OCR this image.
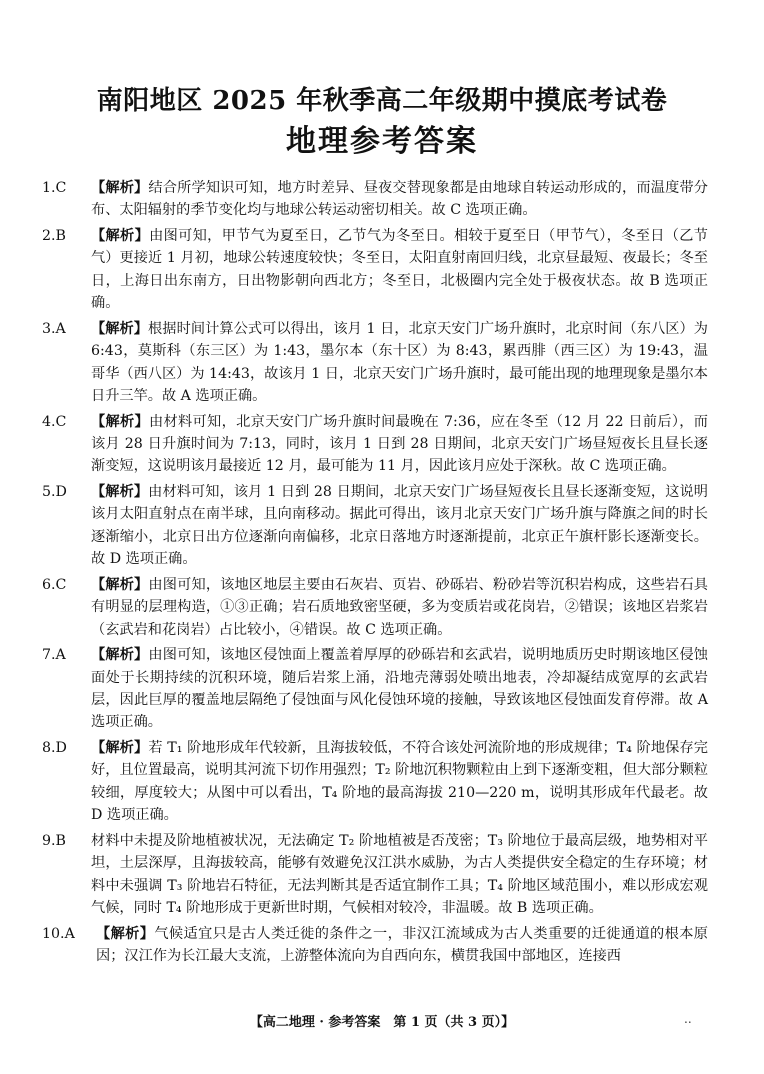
南阳地区 2025 年秋季高二年级期中摸底考试卷
地理参考答案
1.C	【解析】结合所学知识可知，地方时差异、昼夜交替现象都是由地球自转运动形成的，而温度带分布、太阳辐射的季节变化均与地球公转运动密切相关。故 C 选项正确。
2.B	【解析】由图可知，甲节气为夏至日，乙节气为冬至日。相较于夏至日（甲节气），冬至日（乙节气）更接近 1 月初，地球公转速度较快；冬至日，太阳直射南回归线，北京昼最短、夜最长；冬至日，上海日出东南方，日出物影朝向西北方；冬至日，北极圈内完全处于极夜状态。故 B 选项正确。
3.A	【解析】根据时间计算公式可以得出，该月 1 日，北京天安门广场升旗时，北京时间（东八区）为 6:43，莫斯科（东三区）为 1:43，墨尔本（东十区）为 8:43，累西腓（西三区）为 19:43，温哥华（西八区）为 14:43，故该月 1 日，北京天安门广场升旗时，最可能出现的地理现象是墨尔本日升三竿。故 A 选项正确。
4.C	【解析】由材料可知，北京天安门广场升旗时间最晚在 7:36，应在冬至（12 月 22 日前后），而该月 28 日升旗时间为 7:13，同时，该月 1 日到 28 日期间，北京天安门广场昼短夜长且昼长逐渐变短，这说明该月最接近 12 月，最可能为 11 月，因此该月应处于深秋。故 C 选项正确。
5.D	【解析】由材料可知，该月 1 日到 28 日期间，北京天安门广场昼短夜长且昼长逐渐变短，这说明该月太阳直射点在南半球，且向南移动。据此可得出，该月北京天安门广场升旗与降旗之间的时长逐渐缩小，北京日出方位逐渐向南偏移，北京日落地方时逐渐提前，北京正午旗杆影长逐渐变长。故 D 选项正确。
6.C	【解析】由图可知，该地区地层主要由石灰岩、页岩、砂砾岩、粉砂岩等沉积岩构成，这些岩石具有明显的层理构造，①③正确；岩石质地致密坚硬，多为变质岩或花岗岩，②错误；该地区岩浆岩（玄武岩和花岗岩）占比较小，④错误。故 C 选项正确。
7.A	【解析】由图可知，该地区侵蚀面上覆盖着厚厚的砂砾岩和玄武岩，说明地质历史时期该地区侵蚀面处于长期持续的沉积环境，随后岩浆上涌，沿地壳薄弱处喷出地表，冷却凝结成宽厚的玄武岩层，因此巨厚的覆盖地层隔绝了侵蚀面与风化侵蚀环境的接触，导致该地区侵蚀面发育停滞。故 A 选项正确。
8.D	【解析】若 T₁ 阶地形成年代较新，且海拔较低，不符合该处河流阶地的形成规律；T₄ 阶地保存完好，且位置最高，说明其河流下切作用强烈；T₂ 阶地沉积物颗粒由上到下逐渐变粗，但大部分颗粒较细，厚度较大；从图中可以看出，T₄ 阶地的最高海拔 210—220 m，说明其形成年代最老。故 D 选项正确。
9.B	材料中未提及阶地植被状况，无法确定 T₂ 阶地植被是否茂密；T₃ 阶地位于最高层级，地势相对平坦，土层深厚，且海拔较高，能够有效避免汉江洪水威胁，为古人类提供安全稳定的生存环境；材料中未强调 T₃ 阶地岩石特征，无法判断其是否适宜制作工具；T₄ 阶地区域范围小，难以形成宏观气候，同时 T₄ 阶地形成于更新世时期，气候相对较冷，非温暖。故 B 选项正确。
10.A	【解析】气候适宜只是古人类迁徙的条件之一，非汉江流域成为古人类重要的迁徙通道的根本原因；汉江作为长江最大支流，上游整体流向为自西向东，横贯我国中部地区，连接西
【高二地理 · 参考答案　第 1 页（共 3 页）】	..
